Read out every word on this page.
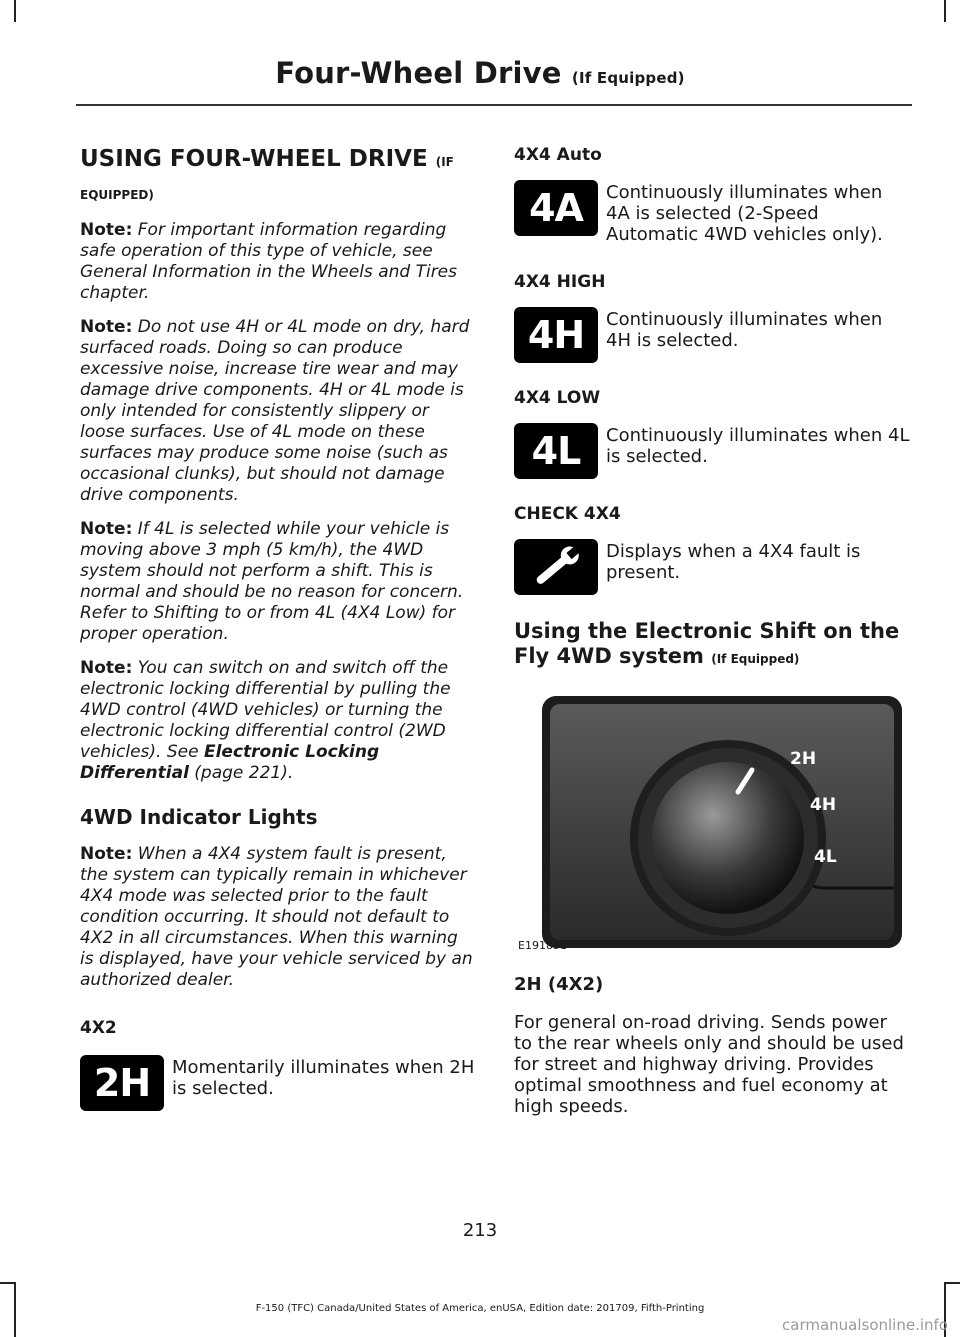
Four-Wheel Drive (If Equipped)
USING FOUR-WHEEL DRIVE (IF EQUIPPED)

Note: For important information regarding safe operation of this type of vehicle, see General Information in the Wheels and Tires chapter.

Note: Do not use 4H or 4L mode on dry, hard surfaced roads. Doing so can produce excessive noise, increase tire wear and may damage drive components. 4H or 4L mode is only intended for consistently slippery or loose surfaces. Use of 4L mode on these surfaces may produce some noise (such as occasional clunks), but should not damage drive components.

Note: If 4L is selected while your vehicle is moving above 3 mph (5 km/h), the 4WD system should not perform a shift. This is normal and should be no reason for concern. Refer to Shifting to or from 4L (4X4 Low) for proper operation.

Note: You can switch on and switch off the electronic locking differential by pulling the 4WD control (4WD vehicles) or turning the electronic locking differential control (2WD vehicles). See Electronic Locking Differential (page 221).

4WD Indicator Lights

Note: When a 4X4 system fault is present, the system can typically remain in whichever 4X4 mode was selected prior to the fault condition occurring. It should not default to 4X2 in all circumstances. When this warning is displayed, have your vehicle serviced by an authorized dealer.

4X2
2H	Momentarily illuminates when 2H is selected.

4X4 Auto
4A	Continuously illuminates when 4A is selected (2-Speed Automatic 4WD vehicles only).

4X4 HIGH
4H	Continuously illuminates when 4H is selected.

4X4 LOW
4L	Continuously illuminates when 4L is selected.

CHECK 4X4

Displays when a 4X4 fault is present.

Using the Electronic Shift on the Fly 4WD system (If Equipped)
2H
4H
4L
E191851
2H (4X2)

For general on-road driving. Sends power to the rear wheels only and should be used for street and highway driving. Provides optimal smoothness and fuel economy at high speeds.

213
F-150 (TFC) Canada/United States of America, enUSA, Edition date: 201709, Fifth-Printing
carmanualsonline.info
